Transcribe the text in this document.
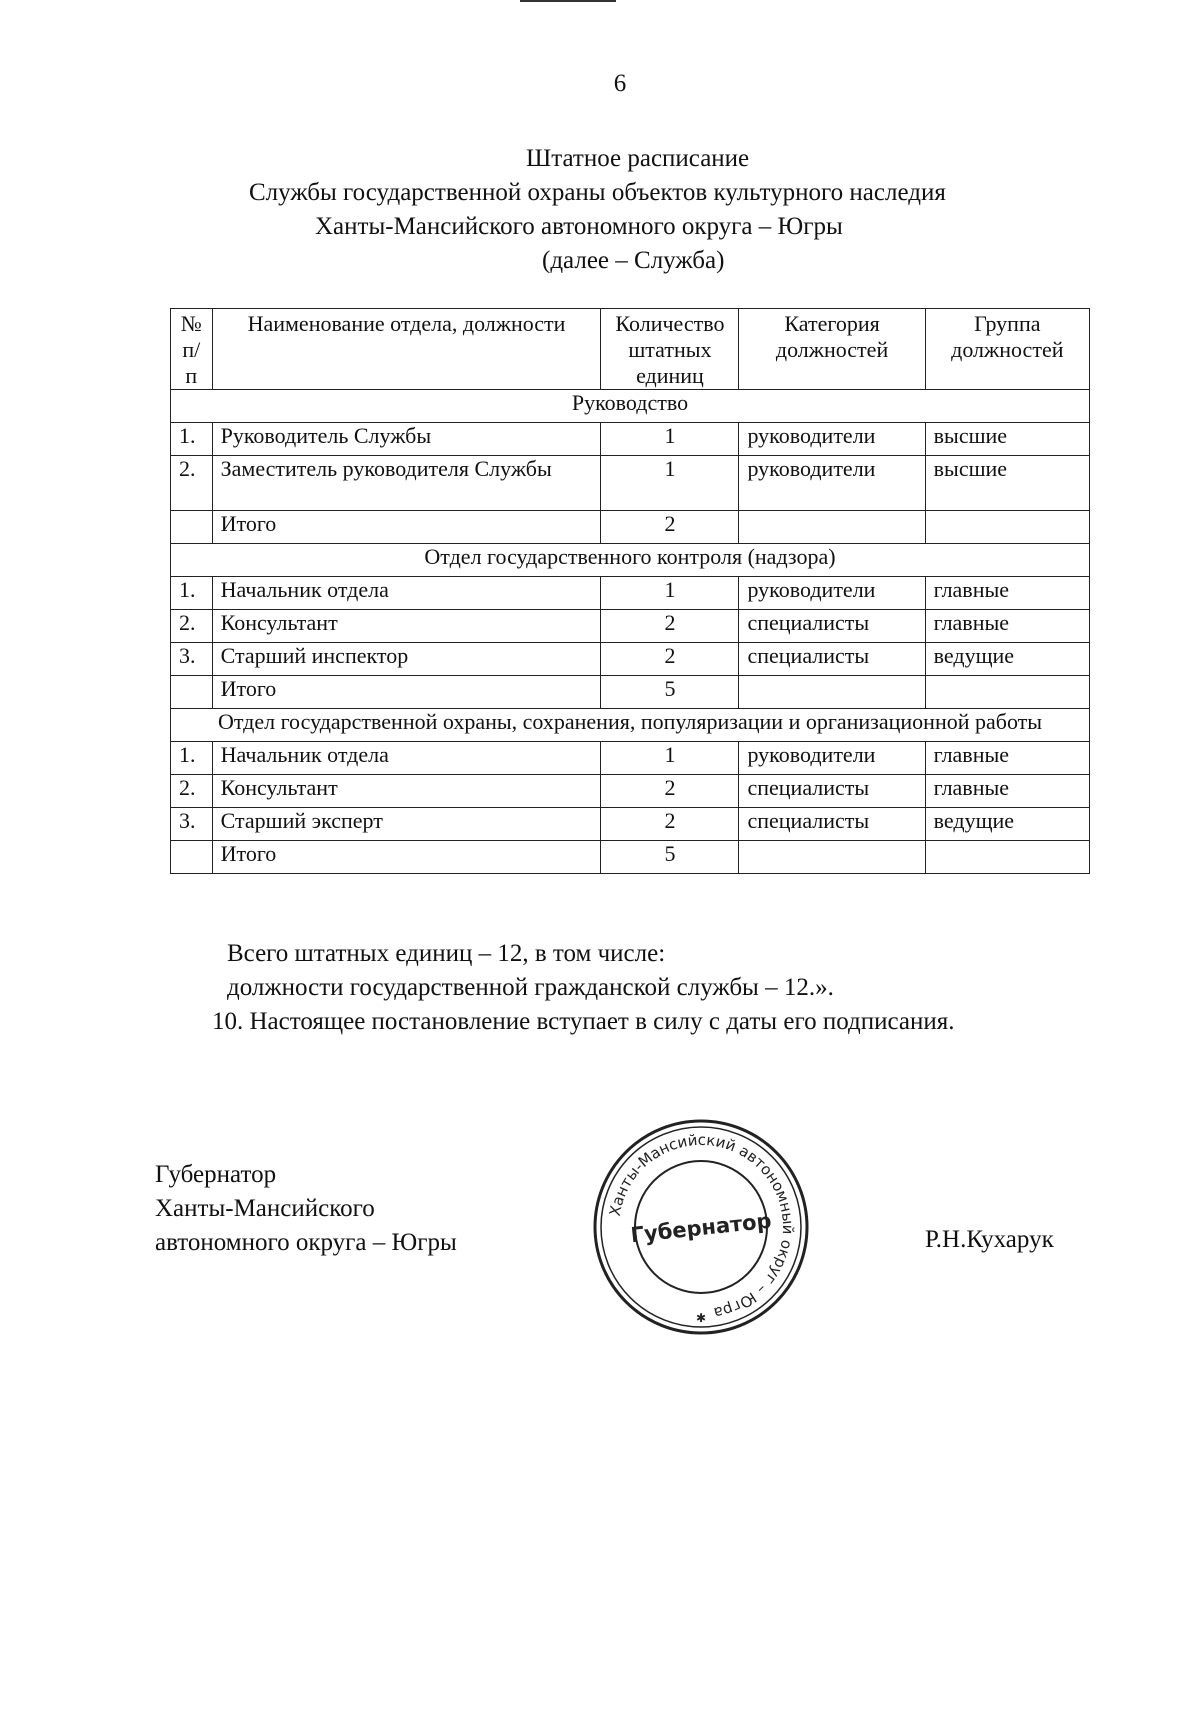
6
Штатное расписание
Службы государственной охраны объектов культурного наследия
Ханты-Мансийского автономного округа – Югры
(далее – Служба)
№ п/п	Наименование отдела, должности	Количество штатных единиц	Категория должностей	Группа должностей
Руководство				
1.	Руководитель Службы	1	руководители	высшие
2.	Заместитель руководителя Службы	1	руководители	высшие
	Итого	2		
Отдел государственного контроля (надзора)				
1.	Начальник отдела	1	руководители	главные
2.	Консультант	2	специалисты	главные
3.	Старший инспектор	2	специалисты	ведущие
	Итого	5		
Отдел государственной охраны, сохранения, популяризации и организационной работы				
1.	Начальник отдела	1	руководители	главные
2.	Консультант	2	специалисты	главные
3.	Старший эксперт	2	специалисты	ведущие
	Итого	5		
Всего штатных единиц – 12, в том числе:
должности государственной гражданской службы – 12.».
10. Настоящее постановление вступает в силу с даты его подписания.
Губернатор
Ханты-Мансийского
автономного округа – Югры
Ханты-Мансийский автономный округ – Югра
Губернатор
✱
Р.Н.Кухарук
